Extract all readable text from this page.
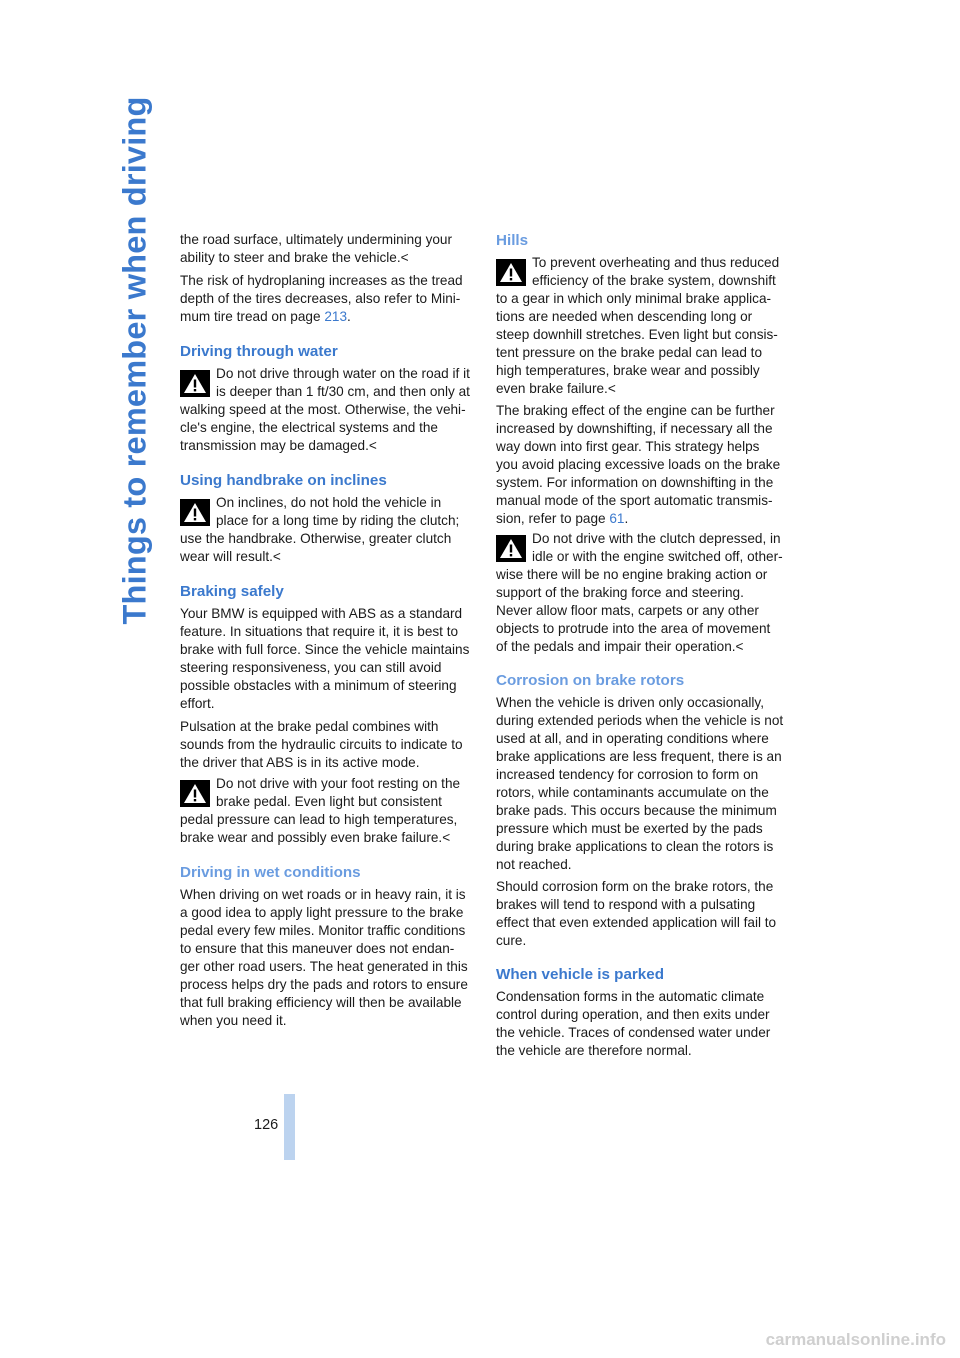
Things to remember when driving
126
the road surface, ultimately undermining your
ability to steer and brake the vehicle.<
The risk of hydroplaning increases as the tread
depth of the tires decreases, also refer to Mini-
mum tire tread on page 213.
Driving through water
Do not drive through water on the road if it
is deeper than 1 ft/30 cm, and then only at
walking speed at the most. Otherwise, the vehi-
cle's engine, the electrical systems and the
transmission may be damaged.<
Using handbrake on inclines
On inclines, do not hold the vehicle in
place for a long time by riding the clutch;
use the handbrake. Otherwise, greater clutch
wear will result.<
Braking safely
Your BMW is equipped with ABS as a standard
feature. In situations that require it, it is best to
brake with full force. Since the vehicle maintains
steering responsiveness, you can still avoid
possible obstacles with a minimum of steering
effort.
Pulsation at the brake pedal combines with
sounds from the hydraulic circuits to indicate to
the driver that ABS is in its active mode.
Do not drive with your foot resting on the
brake pedal. Even light but consistent
pedal pressure can lead to high temperatures,
brake wear and possibly even brake failure.<
Driving in wet conditions
When driving on wet roads or in heavy rain, it is
a good idea to apply light pressure to the brake
pedal every few miles. Monitor traffic conditions
to ensure that this maneuver does not endan-
ger other road users. The heat generated in this
process helps dry the pads and rotors to ensure
that full braking efficiency will then be available
when you need it.
Hills
To prevent overheating and thus reduced
efficiency of the brake system, downshift
to a gear in which only minimal brake applica-
tions are needed when descending long or
steep downhill stretches. Even light but consis-
tent pressure on the brake pedal can lead to
high temperatures, brake wear and possibly
even brake failure.<
The braking effect of the engine can be further
increased by downshifting, if necessary all the
way down into first gear. This strategy helps
you avoid placing excessive loads on the brake
system. For information on downshifting in the
manual mode of the sport automatic transmis-
sion, refer to page 61.
Do not drive with the clutch depressed, in
idle or with the engine switched off, other-
wise there will be no engine braking action or
support of the braking force and steering.
Never allow floor mats, carpets or any other
objects to protrude into the area of movement
of the pedals and impair their operation.<
Corrosion on brake rotors
When the vehicle is driven only occasionally,
during extended periods when the vehicle is not
used at all, and in operating conditions where
brake applications are less frequent, there is an
increased tendency for corrosion to form on
rotors, while contaminants accumulate on the
brake pads. This occurs because the minimum
pressure which must be exerted by the pads
during brake applications to clean the rotors is
not reached.
Should corrosion form on the brake rotors, the
brakes will tend to respond with a pulsating
effect that even extended application will fail to
cure.
When vehicle is parked
Condensation forms in the automatic climate
control during operation, and then exits under
the vehicle. Traces of condensed water under
the vehicle are therefore normal.
carmanualsonline.info
